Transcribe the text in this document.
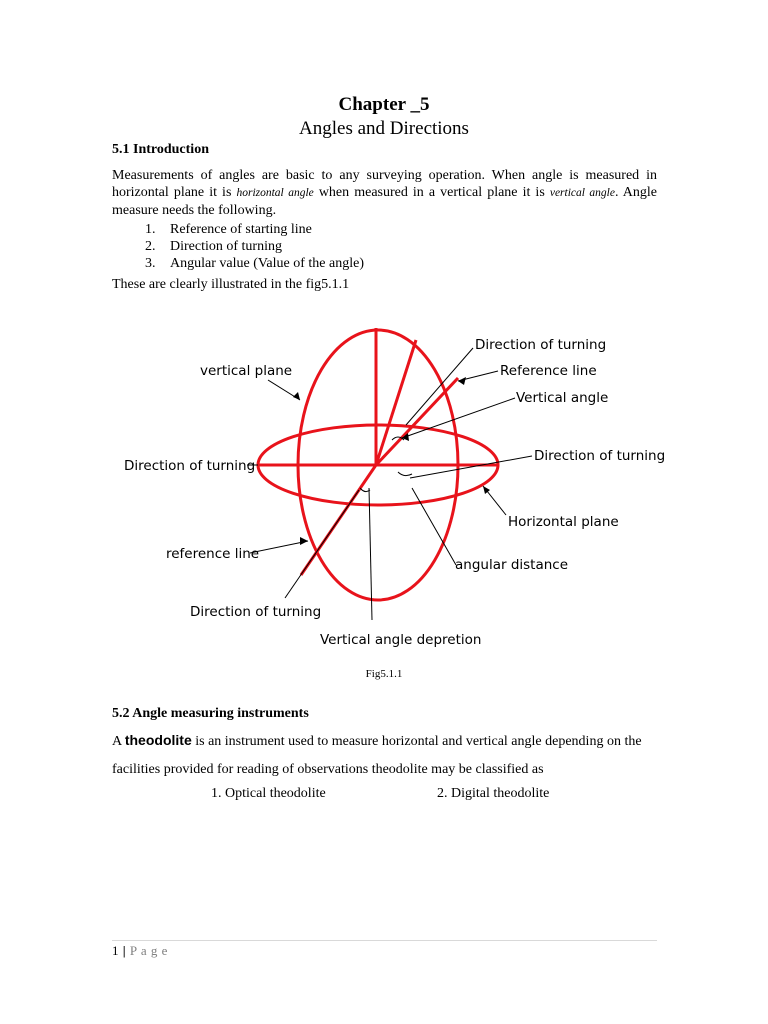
Chapter _5
Angles and Directions
5.1 Introduction
Measurements of angles are basic to any surveying operation. When angle is measured in horizontal plane it is horizontal angle when measured in a vertical plane it is vertical angle. Angle measure needs the following.
1. Reference of starting line
2. Direction of turning
3. Angular value (Value of the angle)
These are clearly illustrated in the fig5.1.1
vertical plane
Direction of turning
Reference line
Vertical angle
Direction of turning
Direction of turning
Horizontal plane
reference line
angular distance
Direction of turning
Vertical angle depretion
Fig5.1.1
5.2 Angle measuring instruments
A theodolite is an instrument used to measure horizontal and vertical angle depending on the facilities provided for reading of observations theodolite may be classified as
1. Optical theodolite	2. Digital theodolite
1 | P a g e
